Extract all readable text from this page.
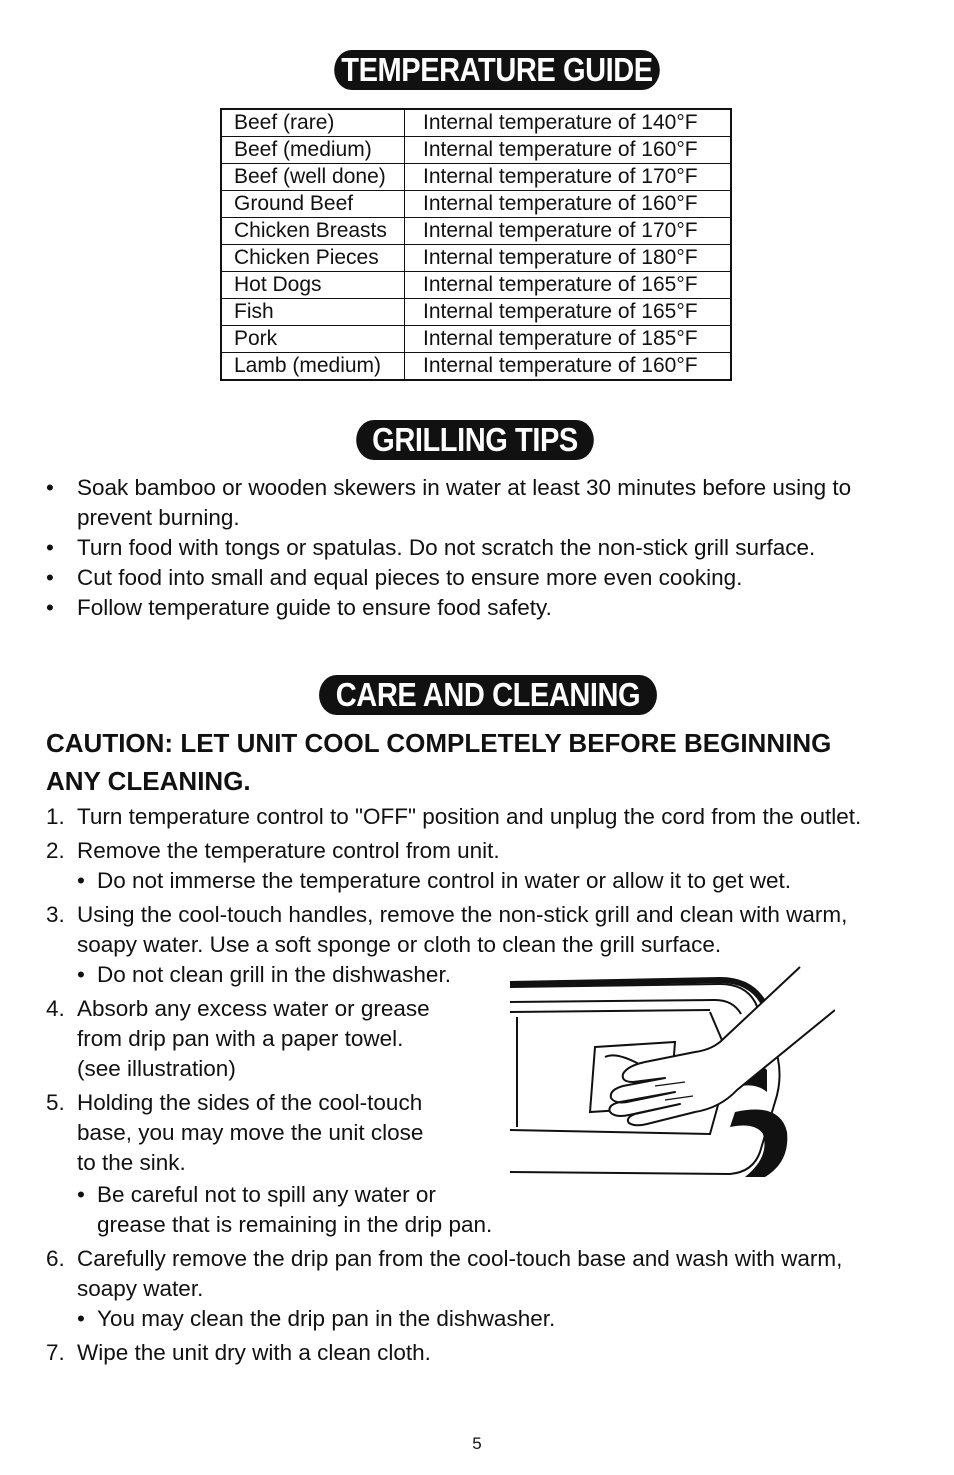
TEMPERATURE GUIDE
Beef (rare)	Internal temperature of 140°F
Beef (medium)	Internal temperature of 160°F
Beef (well done)	Internal temperature of 170°F
Ground Beef	Internal temperature of 160°F
Chicken Breasts	Internal temperature of 170°F
Chicken Pieces	Internal temperature of 180°F
Hot Dogs	Internal temperature of 165°F
Fish	Internal temperature of 165°F
Pork	Internal temperature of 185°F
Lamb (medium)	Internal temperature of 160°F
GRILLING TIPS
• Soak bamboo or wooden skewers in water at least 30 minutes before using to
prevent burning.
• Turn food with tongs or spatulas. Do not scratch the non-stick grill surface.
• Cut food into small and equal pieces to ensure more even cooking.
• Follow temperature guide to ensure food safety.
CARE AND CLEANING
CAUTION: LET UNIT COOL COMPLETELY BEFORE BEGINNING
ANY CLEANING.
1. Turn temperature control to "OFF" position and unplug the cord from the outlet.
2. Remove the temperature control from unit.
• Do not immerse the temperature control in water or allow it to get wet.
3. Using the cool-touch handles, remove the non-stick grill and clean with warm,
soapy water. Use a soft sponge or cloth to clean the grill surface.
• Do not clean grill in the dishwasher.
4. Absorb any excess water or grease
from drip pan with a paper towel.
(see illustration)
5. Holding the sides of the cool-touch
base, you may move the unit close
to the sink.
• Be careful not to spill any water or
grease that is remaining in the drip pan.
6. Carefully remove the drip pan from the cool-touch base and wash with warm,
soapy water.
• You may clean the drip pan in the dishwasher.
7. Wipe the unit dry with a clean cloth.
5
